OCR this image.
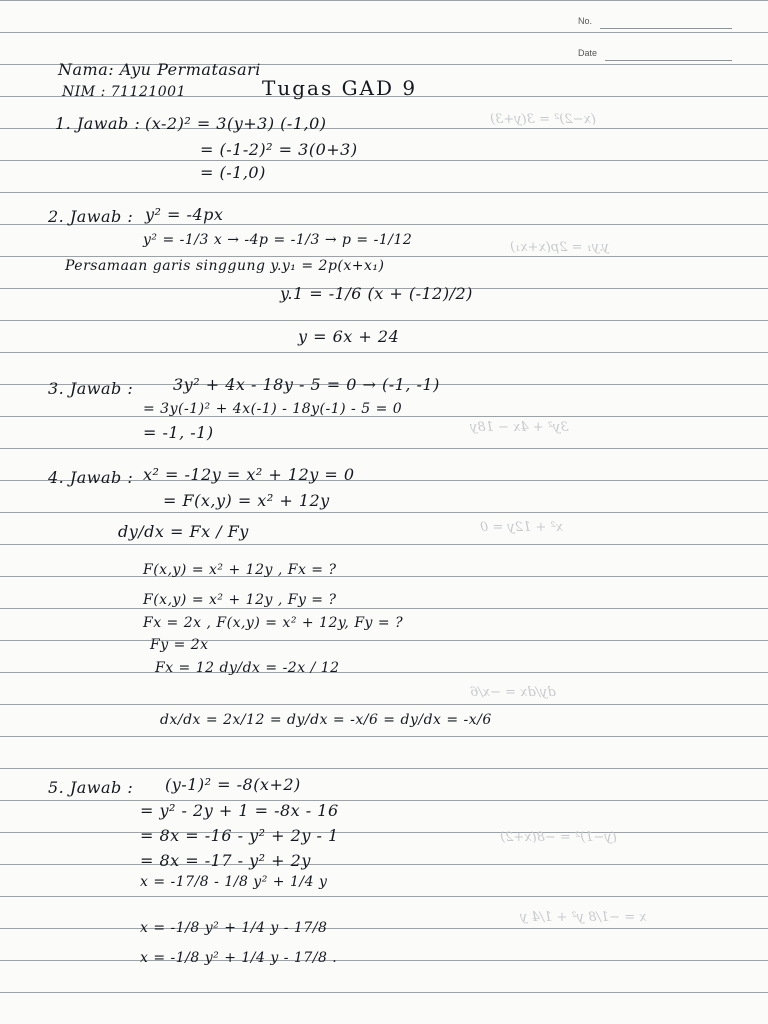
No.
Date
Nama: Ayu Permatasari
NIM : 71121001	Tugas GAD 9
1. Jawab : (x-2)² = 3(y+3) (-1,0)
= (-1-2)² = 3(0+3)
= (-1,0)
2. Jawab : y² = -4px
y² = -1/3 x → -4p = -1/3 → p = -1/12
Persamaan garis singgung y.y₁ = 2p(x+x₁)
y.1 = -1/6 (x + (-12)/2)
y = 6x + 24
3. Jawab : 3y² + 4x - 18y - 5 = 0 → (-1, -1)
= 3y(-1)² + 4x(-1) - 18y(-1) - 5 = 0
= -1, -1)
4. Jawab : x² = -12y = x² + 12y = 0
= F(x,y) = x² + 12y
dy/dx = Fx / Fy
F(x,y) = x² + 12y , Fx = ?
F(x,y) = x² + 12y , Fy = ?
Fx = 2x , F(x,y) = x² + 12y, Fy = ?
Fy = 2x
Fx = 12 dy/dx = -2x / 12
dx/dx = 2x/12 = dy/dx = -x/6 = dy/dx = -x/6
5. Jawab : (y-1)² = -8(x+2)
= y² - 2y + 1 = -8x - 16
= 8x = -16 - y² + 2y - 1
= 8x = -17 - y² + 2y
x = -17/8 - 1/8 y² + 1/4 y
x = -1/8 y² + 1/4 y - 17/8
x = -1/8 y² + 1/4 y - 17/8 .
(x−2)² = 3(y+3)
y.y₁ = 2p(x+x₁)
3y² + 4x − 18y
x² + 12y = 0
dy/dx = −x/6
(y−1)² = −8(x+2)
x = −1/8 y² + 1/4 y
